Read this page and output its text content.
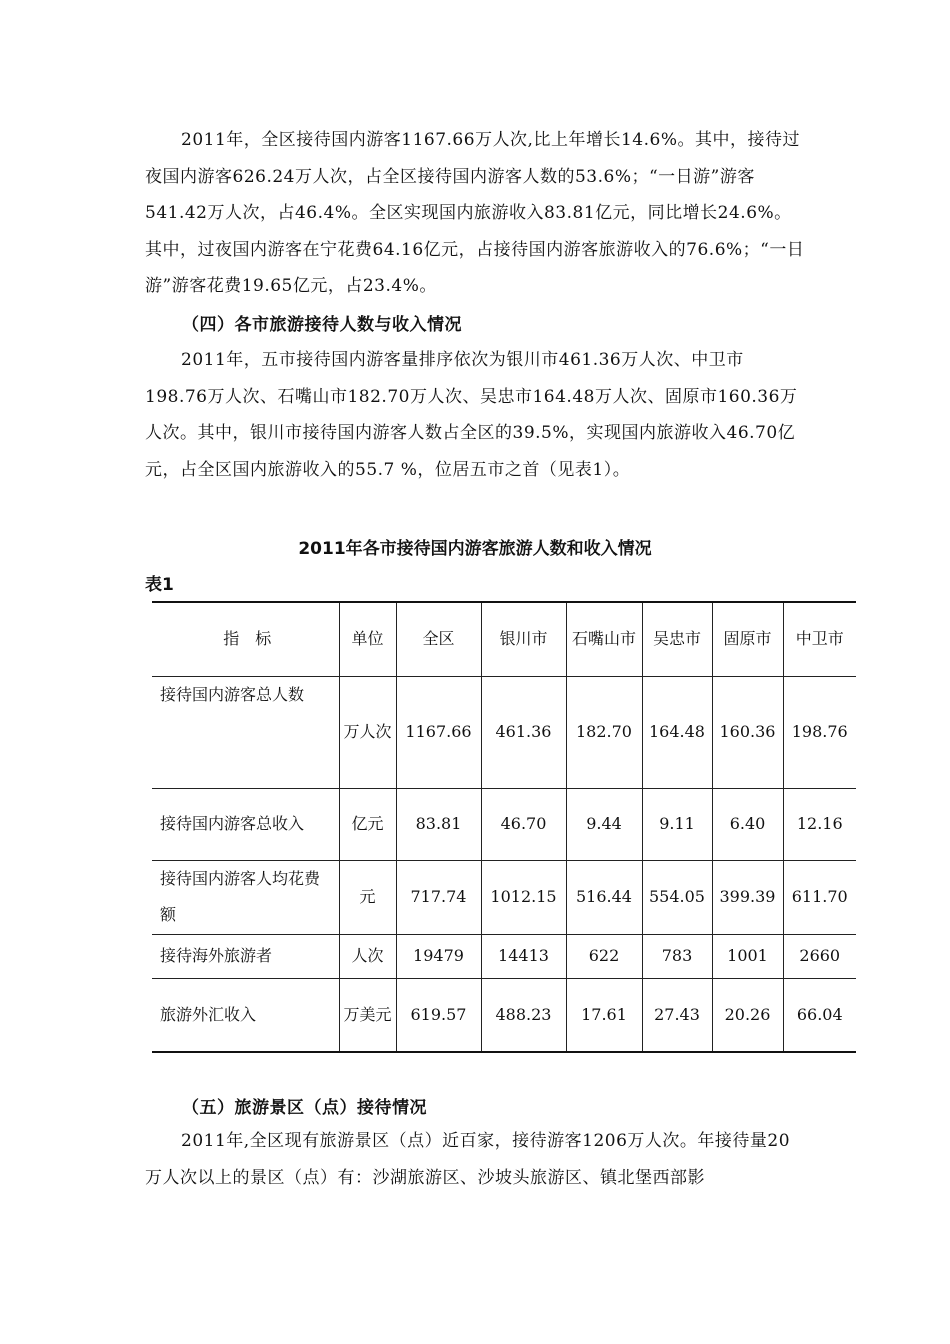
2011年，全区接待国内游客1167.66万人次,比上年增长14.6%。其中，接待过夜国内游客626.24万人次，占全区接待国内游客人数的53.6%；“一日游”游客541.42万人次，占46.4%。全区实现国内旅游收入83.81亿元，同比增长24.6%。其中，过夜国内游客在宁花费64.16亿元，占接待国内游客旅游收入的76.6%；“一日游”游客花费19.65亿元，占23.4%。

（四）各市旅游接待人数与收入情况

2011年，五市接待国内游客量排序依次为银川市461.36万人次、中卫市198.76万人次、石嘴山市182.70万人次、吴忠市164.48万人次、固原市160.36万人次。其中，银川市接待国内游客人数占全区的39.5%，实现国内旅游收入46.70亿元，占全区国内旅游收入的55.7 %，位居五市之首（见表1）。

2011年各市接待国内游客旅游人数和收入情况
表1
指　标	单位	全区	银川市	石嘴山市	吴忠市	固原市	中卫市
接待国内游客总人数	万人次	1167.66	461.36	182.70	164.48	160.36	198.76
接待国内游客总收入	亿元	83.81	46.70	9.44	9.11	6.40	12.16
接待国内游客人均花费额	元	717.74	1012.15	516.44	554.05	399.39	611.70
接待海外旅游者	人次	19479	14413	622	783	1001	2660
旅游外汇收入	万美元	619.57	488.23	17.61	27.43	20.26	66.04
（五）旅游景区（点）接待情况

2011年,全区现有旅游景区（点）近百家，接待游客1206万人次。年接待量20万人次以上的景区（点）有：沙湖旅游区、沙坡头旅游区、镇北堡西部影
